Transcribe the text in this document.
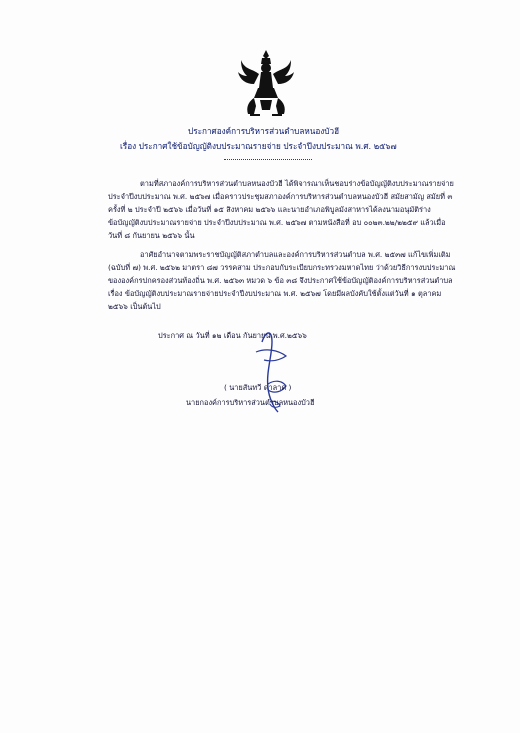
ประกาศองค์การบริหารส่วนตำบลหนองบัวฮี
เรื่อง ประกาศใช้ข้อบัญญัติงบประมาณรายจ่าย ประจำปีงบประมาณ พ.ศ. ๒๕๖๗
ตามที่สภาองค์การบริหารส่วนตำบลหนองบัวฮี ได้พิจารณาเห็นชอบร่างข้อบัญญัติงบประมาณรายจ่าย
ประจำปีงบประมาณ พ.ศ. ๒๕๖๗ เมื่อคราวประชุมสภาองค์การบริหารส่วนตำบลหนองบัวฮี สมัยสามัญ สมัยที่ ๓
ครั้งที่ ๒ ประจำปี ๒๕๖๖ เมื่อวันที่ ๑๕ สิงหาคม ๒๕๖๖ และนายอำเภอพิบูลมังสาหารได้ลงนามอนุมัติร่าง
ข้อบัญญัติงบประมาณรายจ่าย ประจำปีงบประมาณ พ.ศ. ๒๕๖๗ ตามหนังสือที่ อบ ๐๐๒๓.๒๒/๒๒๕๙ แล้วเมื่อ
วันที่ ๘ กันยายน ๒๕๖๖ นั้น
อาศัยอำนาจตามพระราชบัญญัติสภาตำบลและองค์การบริหารส่วนตำบล พ.ศ. ๒๕๓๗ แก้ไขเพิ่มเติม
(ฉบับที่ ๗) พ.ศ. ๒๕๖๒ มาตรา ๘๗ วรรคสาม ประกอบกับระเบียบกระทรวงมหาดไทย ว่าด้วยวิธีการงบประมาณ
ขององค์กรปกครองส่วนท้องถิ่น พ.ศ. ๒๕๖๓ หมวด ๖ ข้อ ๓๘ จึงประกาศใช้ข้อบัญญัติองค์การบริหารส่วนตำบล
เรื่อง ข้อบัญญัติงบประมาณรายจ่ายประจำปีงบประมาณ พ.ศ. ๒๕๖๗ โดยมีผลบังคับใช้ตั้งแต่วันที่ ๑ ตุลาคม
๒๕๖๖ เป็นต้นไป
ประกาศ ณ วันที่ ๑๒ เดือน กันยายน พ.ศ.๒๕๖๖
( นายสันทวี ดาลาด )
นายกองค์การบริหารส่วนตำบลหนองบัวฮี
